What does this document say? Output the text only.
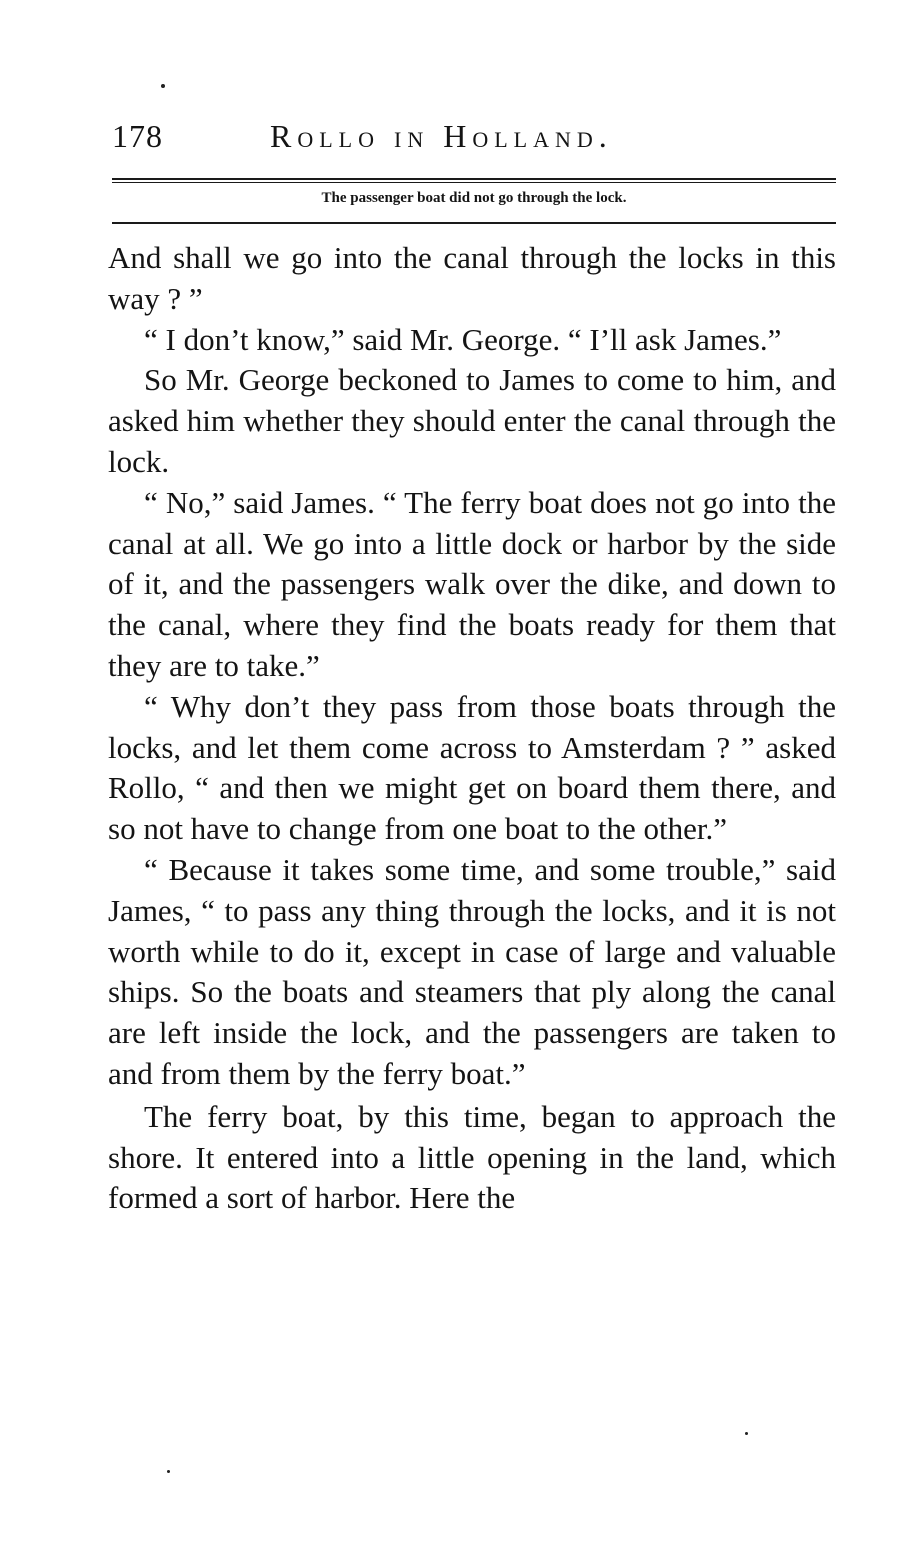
178	Rollo in Holland.
The passenger boat did not go through the lock.

And shall we go into the canal through the locks in this way ? ”

“ I don’t know,” said Mr. George. “ I’ll ask James.”

So Mr. George beckoned to James to come to him, and asked him whether they should enter the canal through the lock.

“ No,” said James. “ The ferry boat does not go into the canal at all. We go into a little dock or harbor by the side of it, and the passengers walk over the dike, and down to the canal, where they find the boats ready for them that they are to take.”

“ Why don’t they pass from those boats through the locks, and let them come across to Amsterdam ? ” asked Rollo, “ and then we might get on board them there, and so not have to change from one boat to the other.”

“ Because it takes some time, and some trouble,” said James, “ to pass any thing through the locks, and it is not worth while to do it, except in case of large and valuable ships. So the boats and steamers that ply along the canal are left inside the lock, and the passengers are taken to and from them by the ferry boat.”

The ferry boat, by this time, began to approach the shore. It entered into a little opening in the land, which formed a sort of harbor. Here the
